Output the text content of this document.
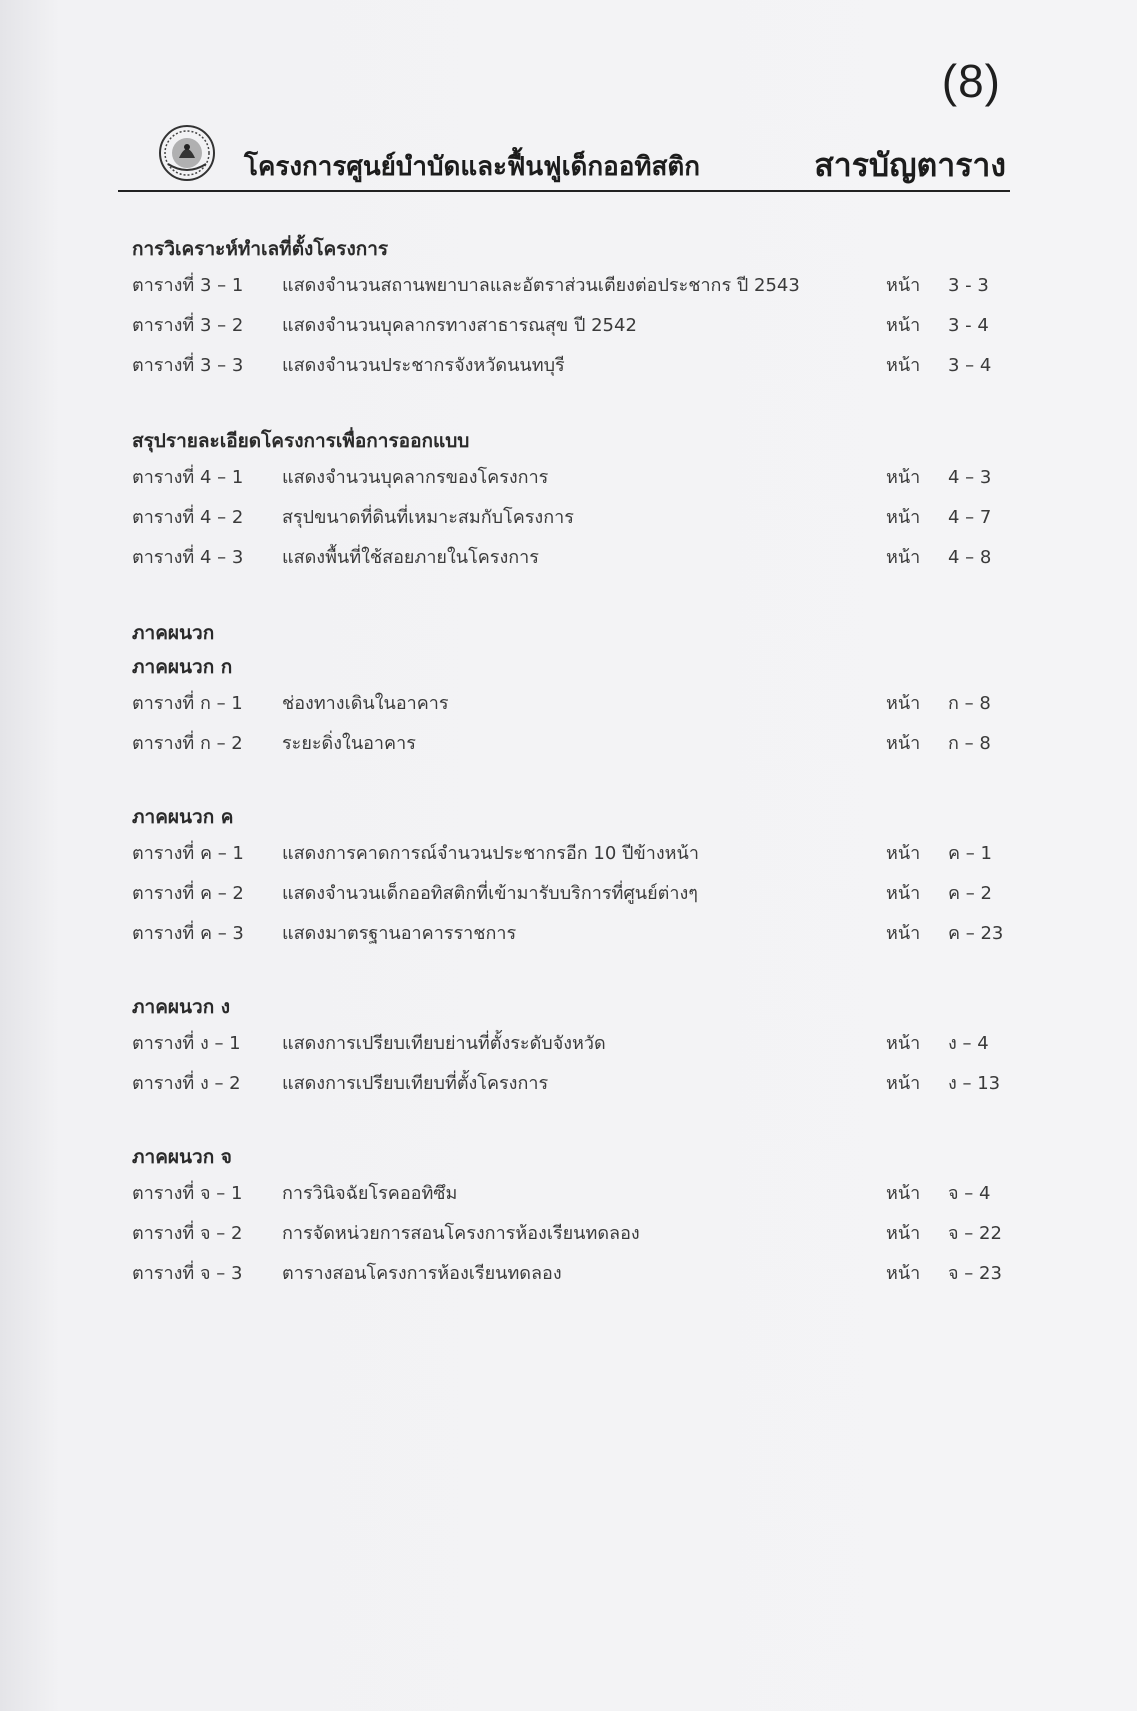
(8)
โครงการศูนย์บำบัดและฟื้นฟูเด็กออทิสติก	สารบัญตาราง
การวิเคราะห์ทำเลที่ตั้งโครงการ
ตารางที่ 3 – 1 แสดงจำนวนสถานพยาบาลและอัตราส่วนเตียงต่อประชากร ปี 2543	หน้า 3 - 3
ตารางที่ 3 – 2 แสดงจำนวนบุคลากรทางสาธารณสุข ปี 2542	หน้า 3 - 4
ตารางที่ 3 – 3 แสดงจำนวนประชากรจังหวัดนนทบุรี	หน้า 3 – 4
สรุปรายละเอียดโครงการเพื่อการออกแบบ
ตารางที่ 4 – 1 แสดงจำนวนบุคลากรของโครงการ	หน้า 4 – 3
ตารางที่ 4 – 2 สรุปขนาดที่ดินที่เหมาะสมกับโครงการ	หน้า 4 – 7
ตารางที่ 4 – 3 แสดงพื้นที่ใช้สอยภายในโครงการ	หน้า 4 – 8
ภาคผนวก
ภาคผนวก ก
ตารางที่ ก – 1 ช่องทางเดินในอาคาร	หน้า ก – 8
ตารางที่ ก – 2 ระยะดิ่งในอาคาร	หน้า ก – 8
ภาคผนวก ค
ตารางที่ ค – 1 แสดงการคาดการณ์จำนวนประชากรอีก 10 ปีข้างหน้า	หน้า ค – 1
ตารางที่ ค – 2 แสดงจำนวนเด็กออทิสติกที่เข้ามารับบริการที่ศูนย์ต่างๆ	หน้า ค – 2
ตารางที่ ค – 3 แสดงมาตรฐานอาคารราชการ	หน้า ค – 23
ภาคผนวก ง
ตารางที่ ง – 1 แสดงการเปรียบเทียบย่านที่ตั้งระดับจังหวัด	หน้า ง – 4
ตารางที่ ง – 2 แสดงการเปรียบเทียบที่ตั้งโครงการ	หน้า ง – 13
ภาคผนวก จ
ตารางที่ จ – 1 การวินิจฉัยโรคออทิซึม	หน้า จ – 4
ตารางที่ จ – 2 การจัดหน่วยการสอนโครงการห้องเรียนทดลอง	หน้า จ – 22
ตารางที่ จ – 3 ตารางสอนโครงการห้องเรียนทดลอง	หน้า จ – 23
